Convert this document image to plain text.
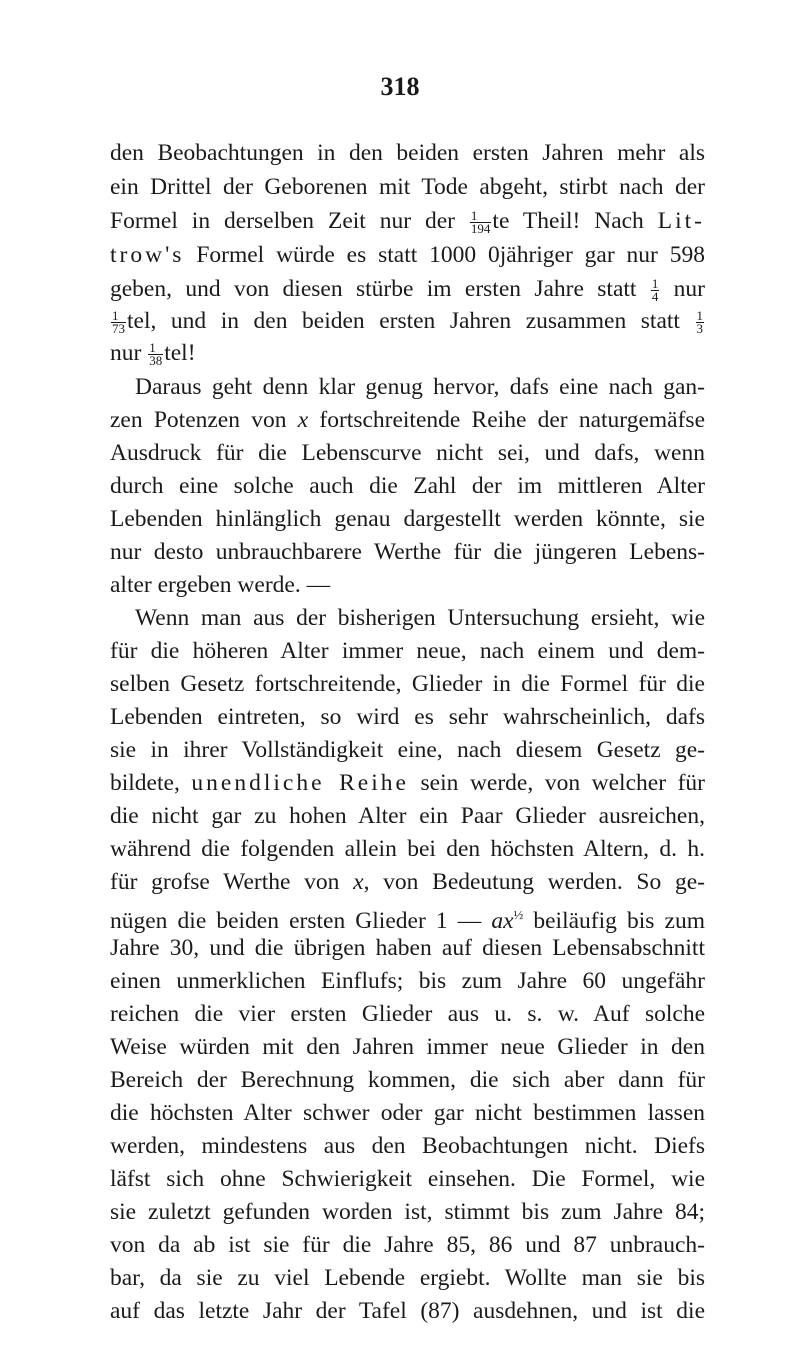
318
den Beobachtungen in den beiden ersten Jahren mehr als
ein Drittel der Geborenen mit Tode abgeht, stirbt nach der
Formel in derselben Zeit nur der $\frac{1}{194}$ te Theil! Nach Lit-
trow's Formel würde es statt 1000 0jähriger gar nur 598
geben, und von diesen stürbe im ersten Jahre statt $\frac{1}{4}$ nur
$\frac{1}{73}$ tel, und in den beiden ersten Jahren zusammen statt $\frac{1}{3}$
nur $\frac{1}{38}$ tel!
Daraus geht denn klar genug hervor, dafs eine nach gan-
zen Potenzen von x fortschreitende Reihe der naturgemäfse
Ausdruck für die Lebenscurve nicht sei, und dafs, wenn
durch eine solche auch die Zahl der im mittleren Alter
Lebenden hinlänglich genau dargestellt werden könnte, sie
nur desto unbrauchbarere Werthe für die jüngeren Lebens-
alter ergeben werde. —
Wenn man aus der bisherigen Untersuchung ersieht, wie
für die höheren Alter immer neue, nach einem und dem-
selben Gesetz fortschreitende, Glieder in die Formel für die
Lebenden eintreten, so wird es sehr wahrscheinlich, dafs
sie in ihrer Vollständigkeit eine, nach diesem Gesetz ge-
bildete, unendliche Reihe sein werde, von welcher für
die nicht gar zu hohen Alter ein Paar Glieder ausreichen,
während die folgenden allein bei den höchsten Altern, d. h.
für grofse Werthe von x, von Bedeutung werden. So ge-
nügen die beiden ersten Glieder 1 — $ax^{\frac{1}{2}}$ beiläufig bis zum
Jahre 30, und die übrigen haben auf diesen Lebensabschnitt
einen unmerklichen Einflufs; bis zum Jahre 60 ungefähr
reichen die vier ersten Glieder aus u. s. w. Auf solche
Weise würden mit den Jahren immer neue Glieder in den
Bereich der Berechnung kommen, die sich aber dann für
die höchsten Alter schwer oder gar nicht bestimmen lassen
werden, mindestens aus den Beobachtungen nicht. Diefs
läfst sich ohne Schwierigkeit einsehen. Die Formel, wie
sie zuletzt gefunden worden ist, stimmt bis zum Jahre 84;
von da ab ist sie für die Jahre 85, 86 und 87 unbrauch-
bar, da sie zu viel Lebende ergiebt. Wollte man sie bis
auf das letzte Jahr der Tafel (87) ausdehnen, und ist die
